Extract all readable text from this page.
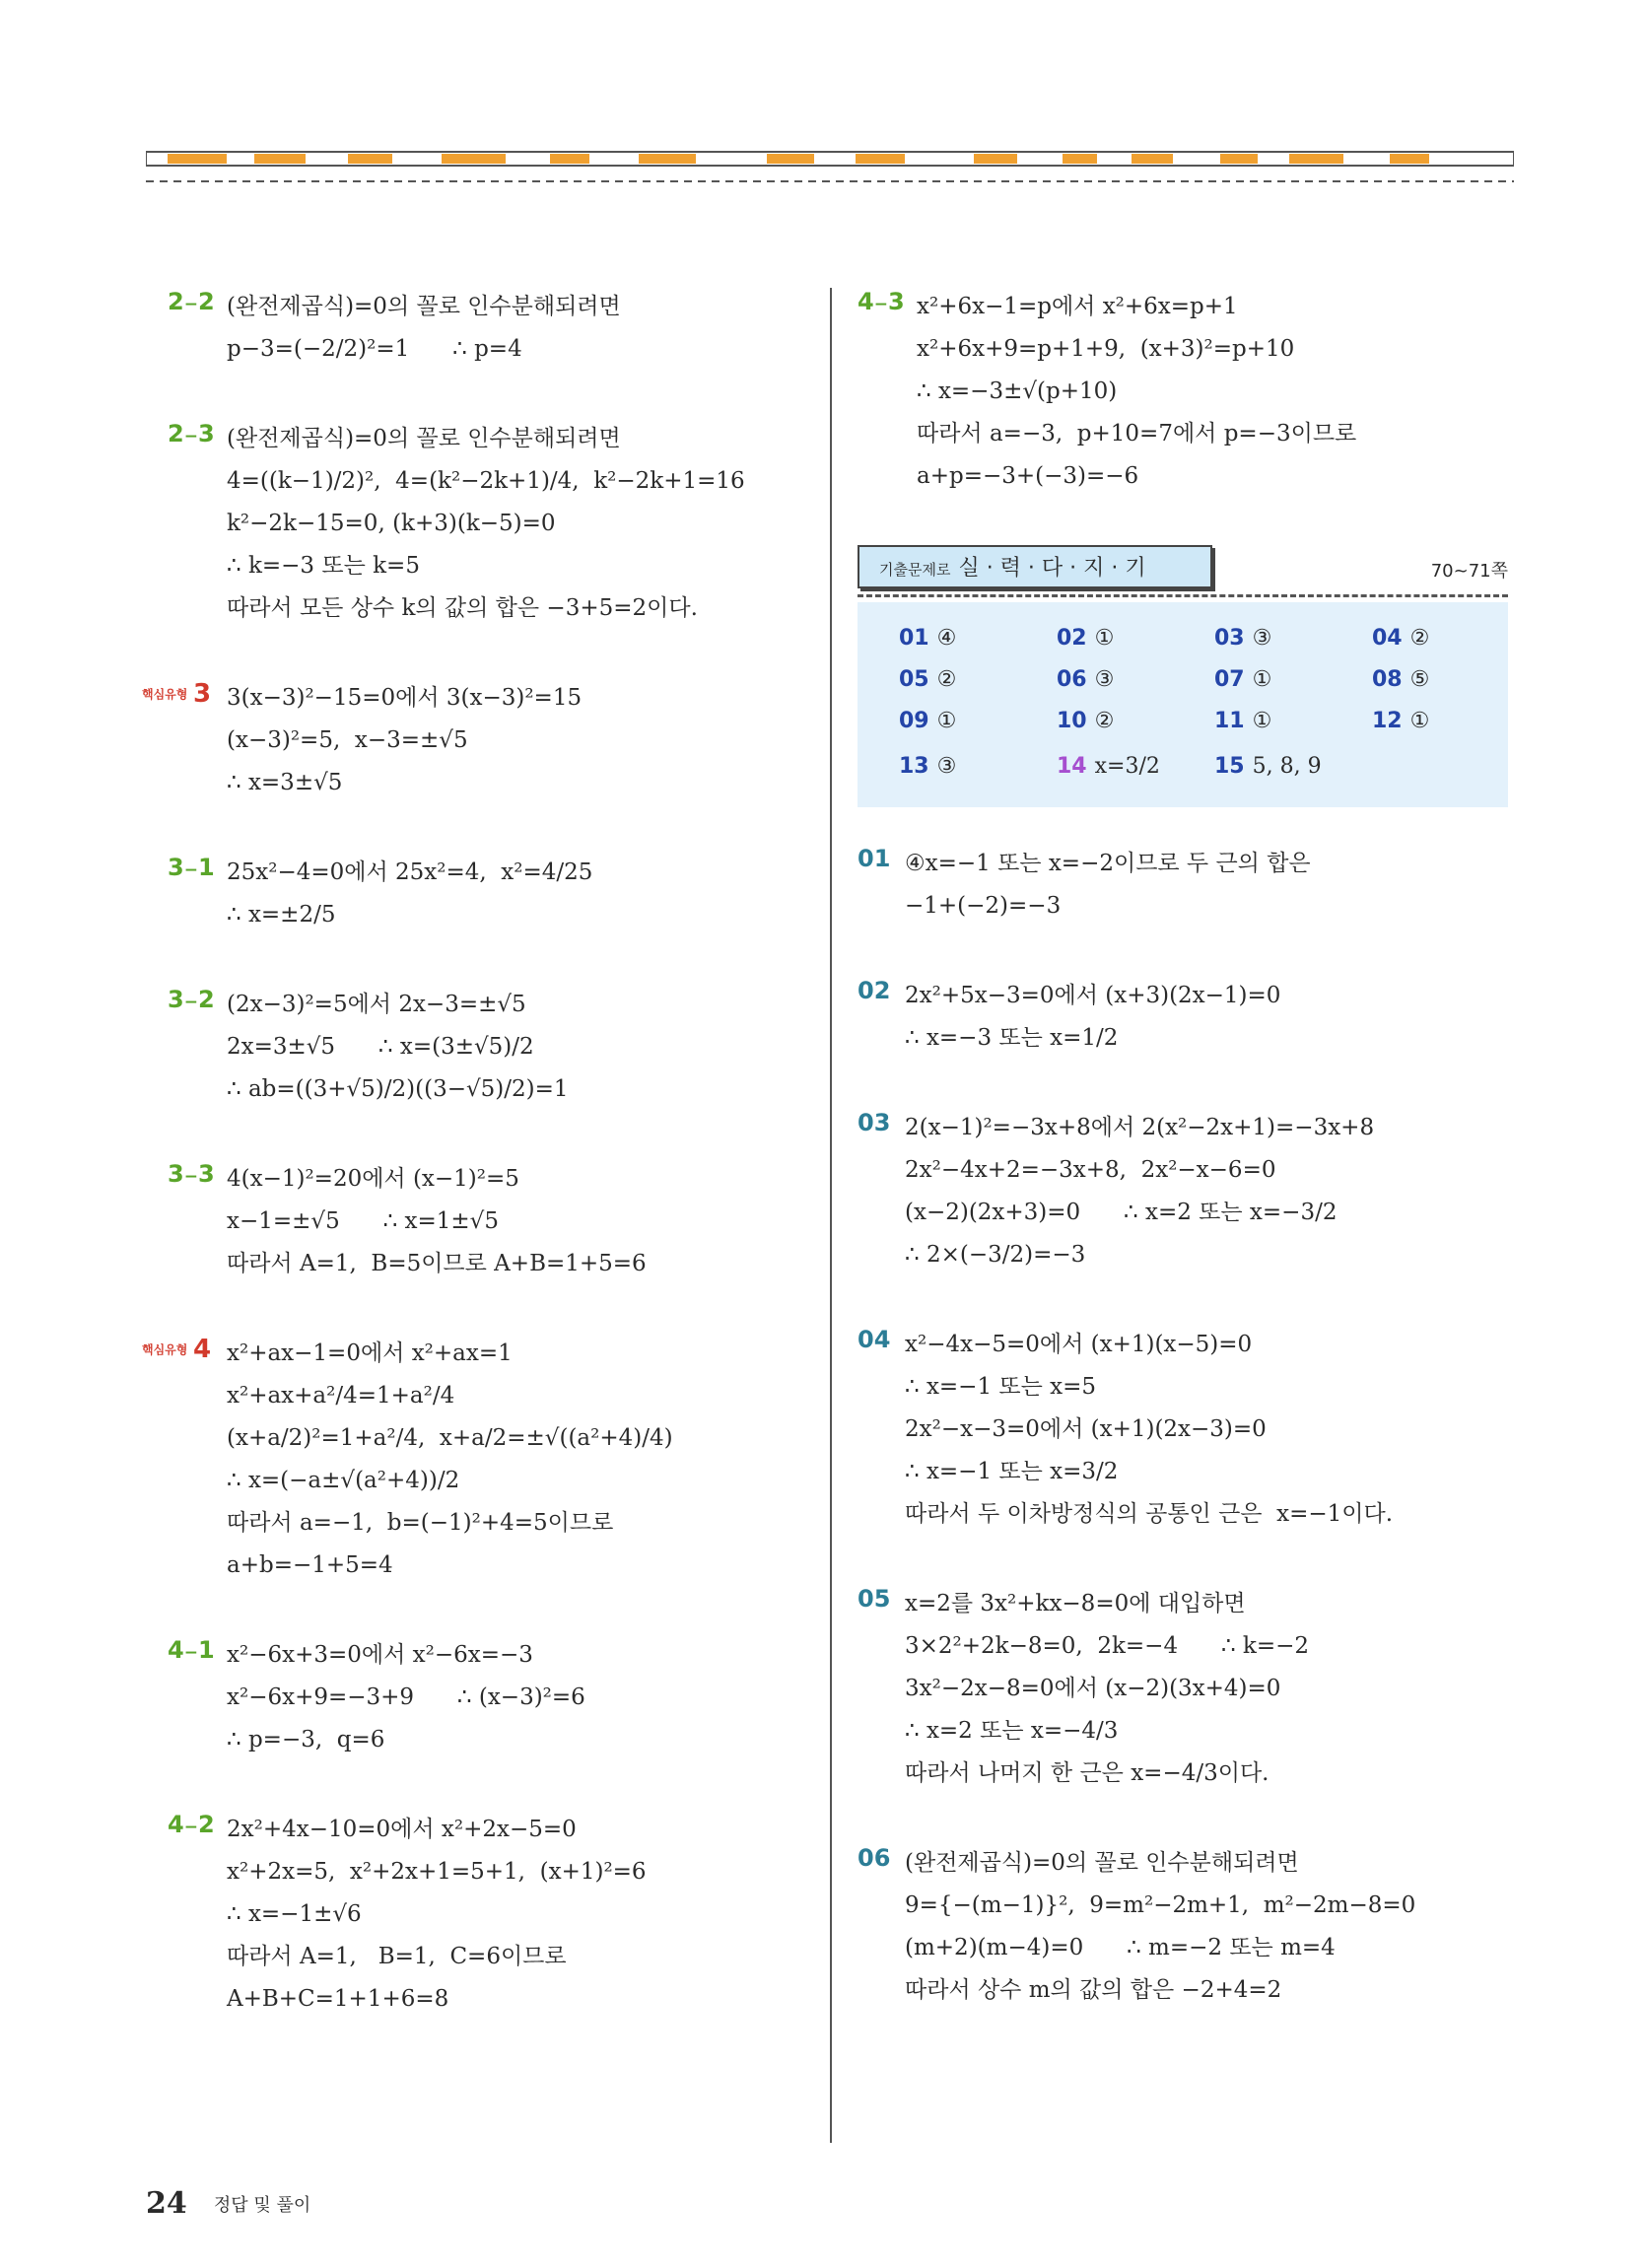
2−2 (완전제곱식)=0의 꼴로 인수분해되려면
p−3=(−2/2)²=1      ∴ p=4
2−3 (완전제곱식)=0의 꼴로 인수분해되려면
4=((k−1)/2)²,  4=(k²−2k+1)/4,  k²−2k+1=16
k²−2k−15=0, (k+3)(k−5)=0
∴ k=−3 또는 k=5
따라서 모든 상수 k의 값의 합은 −3+5=2이다.
핵심유형 3 3(x−3)²−15=0에서 3(x−3)²=15
(x−3)²=5,  x−3=±√5
∴ x=3±√5
3−1 25x²−4=0에서 25x²=4,  x²=4/25
∴ x=±2/5
3−2 (2x−3)²=5에서 2x−3=±√5
2x=3±√5      ∴ x=(3±√5)/2
∴ ab=((3+√5)/2)((3−√5)/2)=1
3−3 4(x−1)²=20에서 (x−1)²=5
x−1=±√5      ∴ x=1±√5
따라서 A=1,  B=5이므로 A+B=1+5=6
핵심유형 4 x²+ax−1=0에서 x²+ax=1
x²+ax+a²/4=1+a²/4
(x+a/2)²=1+a²/4,  x+a/2=±√((a²+4)/4)
∴ x=(−a±√(a²+4))/2
따라서 a=−1,  b=(−1)²+4=5이므로
a+b=−1+5=4
4−1 x²−6x+3=0에서 x²−6x=−3
x²−6x+9=−3+9      ∴ (x−3)²=6
∴ p=−3,  q=6
4−2 2x²+4x−10=0에서 x²+2x−5=0
x²+2x=5,  x²+2x+1=5+1,  (x+1)²=6
∴ x=−1±√6
따라서 A=1,   B=1,  C=6이므로
A+B+C=1+1+6=8
4−3 x²+6x−1=p에서 x²+6x=p+1
x²+6x+9=p+1+9,  (x+3)²=p+10
∴ x=−3±√(p+10)
따라서 a=−3,  p+10=7에서 p=−3이므로
a+p=−3+(−3)=−6
기출문제로 실 · 력 · 다 · 지 · 기	70~71쪽
01 ④	02 ①	03 ③	04 ②
05 ②	06 ③	07 ①	08 ⑤
09 ①	10 ②	11 ①	12 ①
13 ③	14 x=3/2	15 5, 8, 9
01 ④x=−1 또는 x=−2이므로 두 근의 합은
−1+(−2)=−3
02 2x²+5x−3=0에서 (x+3)(2x−1)=0
∴ x=−3 또는 x=1/2
03 2(x−1)²=−3x+8에서 2(x²−2x+1)=−3x+8
2x²−4x+2=−3x+8,  2x²−x−6=0
(x−2)(2x+3)=0      ∴ x=2 또는 x=−3/2
∴ 2×(−3/2)=−3
04 x²−4x−5=0에서 (x+1)(x−5)=0
∴ x=−1 또는 x=5
2x²−x−3=0에서 (x+1)(2x−3)=0
∴ x=−1 또는 x=3/2
따라서 두 이차방정식의 공통인 근은  x=−1이다.
05 x=2를 3x²+kx−8=0에 대입하면
3×2²+2k−8=0,  2k=−4      ∴ k=−2
3x²−2x−8=0에서 (x−2)(3x+4)=0
∴ x=2 또는 x=−4/3
따라서 나머지 한 근은 x=−4/3이다.
06 (완전제곱식)=0의 꼴로 인수분해되려면
9={−(m−1)}²,  9=m²−2m+1,  m²−2m−8=0
(m+2)(m−4)=0      ∴ m=−2 또는 m=4
따라서 상수 m의 값의 합은 −2+4=2
24 정답 및 풀이
